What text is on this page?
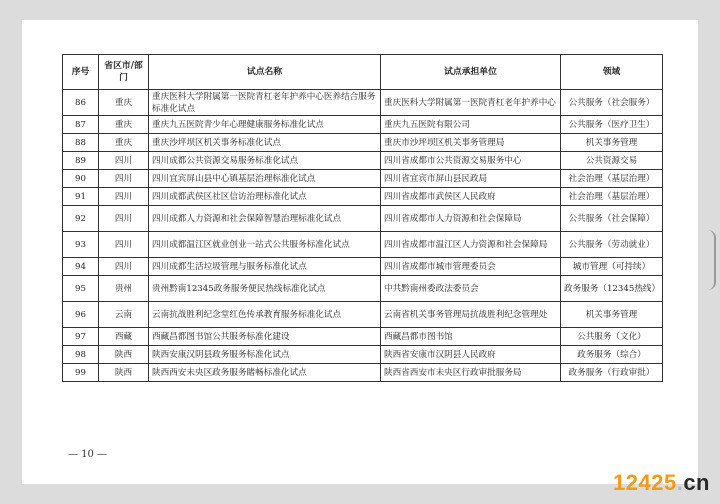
序号	省区市/部门	试点名称	试点承担单位	领域
86	重庆	重庆医科大学附属第一医院青杠老年护养中心医养结合服务标准化试点	重庆医科大学附属第一医院青杠老年护养中心	公共服务（社会服务）
87	重庆	重庆九五医院青少年心理健康服务标准化试点	重庆九五医院有限公司	公共服务（医疗卫生）
88	重庆	重庆沙坪坝区机关事务标准化试点	重庆市沙坪坝区机关事务管理局	机关事务管理
89	四川	四川成都公共资源交易服务标准化试点	四川省成都市公共资源交易服务中心	公共资源交易
90	四川	四川宜宾屏山县中心镇基层治理标准化试点	四川省宜宾市屏山县民政局	社会治理（基层治理）
91	四川	四川成都武侯区社区信访治理标准化试点	四川省成都市武侯区人民政府	社会治理（基层治理）
92	四川	四川成都人力资源和社会保障智慧治理标准化试点	四川省成都市人力资源和社会保障局	公共服务（社会保障）
93	四川	四川成都温江区就业创业一站式公共服务标准化试点	四川省成都市温江区人力资源和社会保障局	公共服务（劳动就业）
94	四川	四川成都生活垃圾管理与服务标准化试点	四川省成都市城市管理委员会	城市管理（可持续）
95	贵州	贵州黔南12345政务服务便民热线标准化试点	中共黔南州委政法委员会	政务服务（12345热线）
96	云南	云南抗战胜利纪念堂红色传承教育服务标准化试点	云南省机关事务管理局抗战胜利纪念管理处	机关事务管理
97	西藏	西藏昌都图书馆公共服务标准化建设	西藏昌都市图书馆	公共服务（文化）
98	陕西	陕西安康汉阴县政务服务标准化试点	陕西省安康市汉阴县人民政府	政务服务（综合）
99	陕西	陕西西安未央区政务服务睹畅标准化试点	陕西省西安市未央区行政审批服务局	政务服务（行政审批）
— 10 —
12425.cn
